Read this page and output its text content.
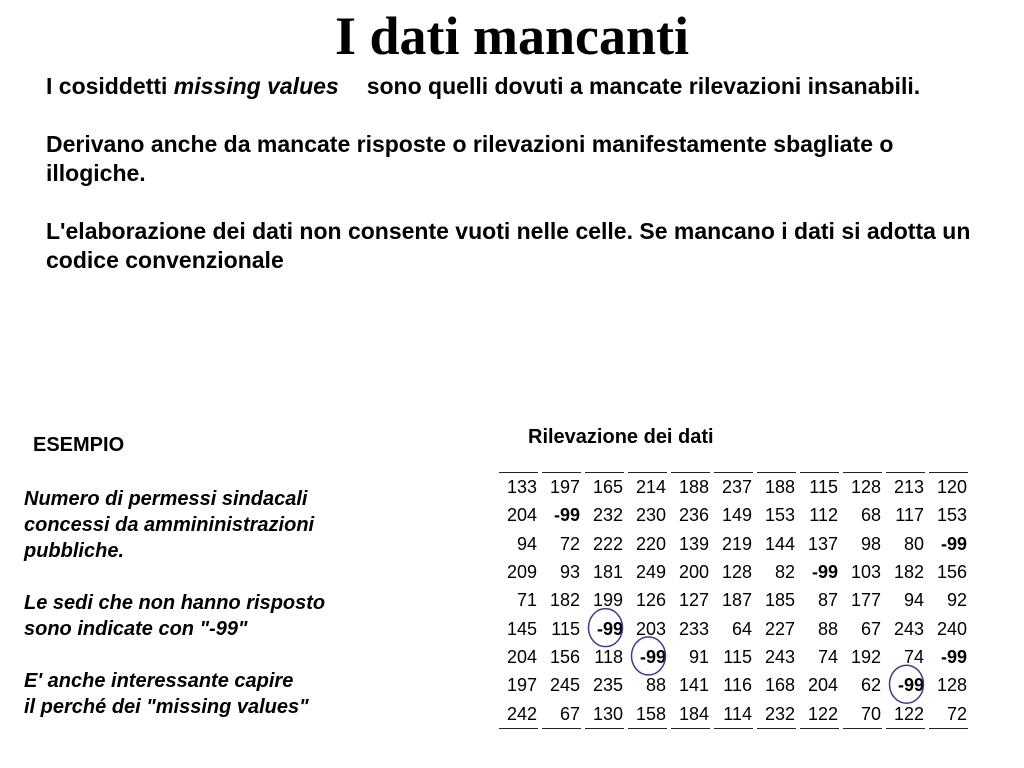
I dati mancanti

I cosiddetti missing values sono quelli dovuti a mancate rilevazioni insanabili.

Derivano anche da mancate risposte o rilevazioni manifestamente sbagliate o illogiche.

L'elaborazione dei dati non consente vuoti nelle celle. Se mancano i dati si adotta un codice convenzionale

ESEMPIO

Numero di permessi sindacali
concessi da ammininistrazioni
pubbliche.

Le sedi che non hanno risposto
sono indicate con "-99"

E' anche interessante capire
il perché dei "missing values"

Rilevazione dei dati
133	197	165	214	188	237	188	115	128	213	120
204	-99	232	230	236	149	153	112	68	117	153
94	72	222	220	139	219	144	137	98	80	-99
209	93	181	249	200	128	82	-99	103	182	156
71	182	199	126	127	187	185	87	177	94	92
145	115	-99	203	233	64	227	88	67	243	240
204	156	118	-99	91	115	243	74	192	74	-99
197	245	235	88	141	116	168	204	62	-99	128
242	67	130	158	184	114	232	122	70	122	72
